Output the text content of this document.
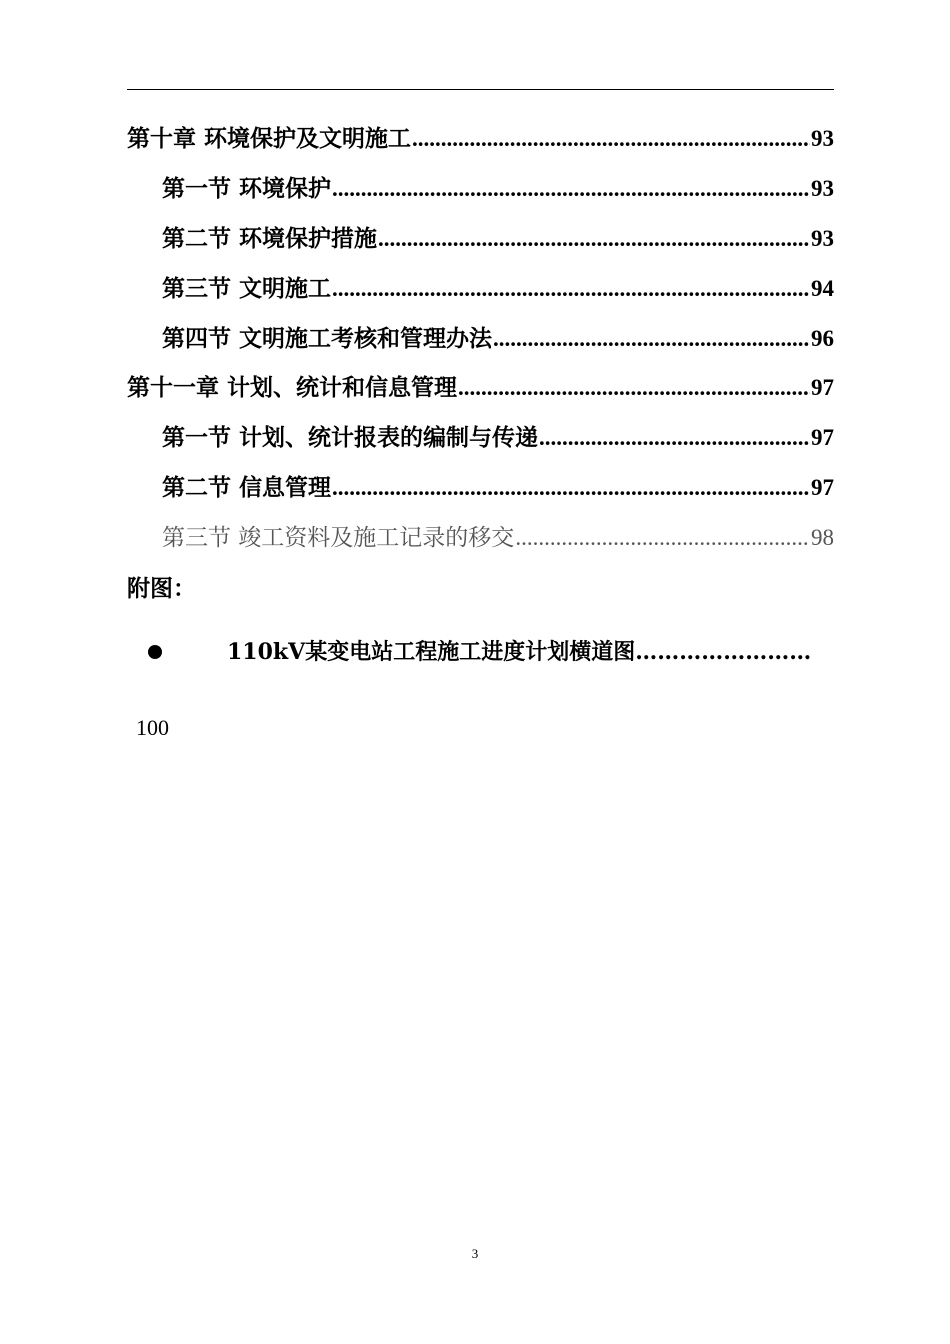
第十章 环境保护及文明施工 .....	93
第一节 环境保护 .....	93
第二节 环境保护措施 .....	93
第三节 文明施工 .....	94
第四节 文明施工考核和管理办法 .....	96
第十一章 计划、统计和信息管理 .....	97
第一节 计划、统计报表的编制与传递 .....	97
第二节 信息管理 .....	97
第三节 竣工资料及施工记录的移交 .....	98
附图：
110kV某变电站工程施工进度计划横道图……………………
100
3
